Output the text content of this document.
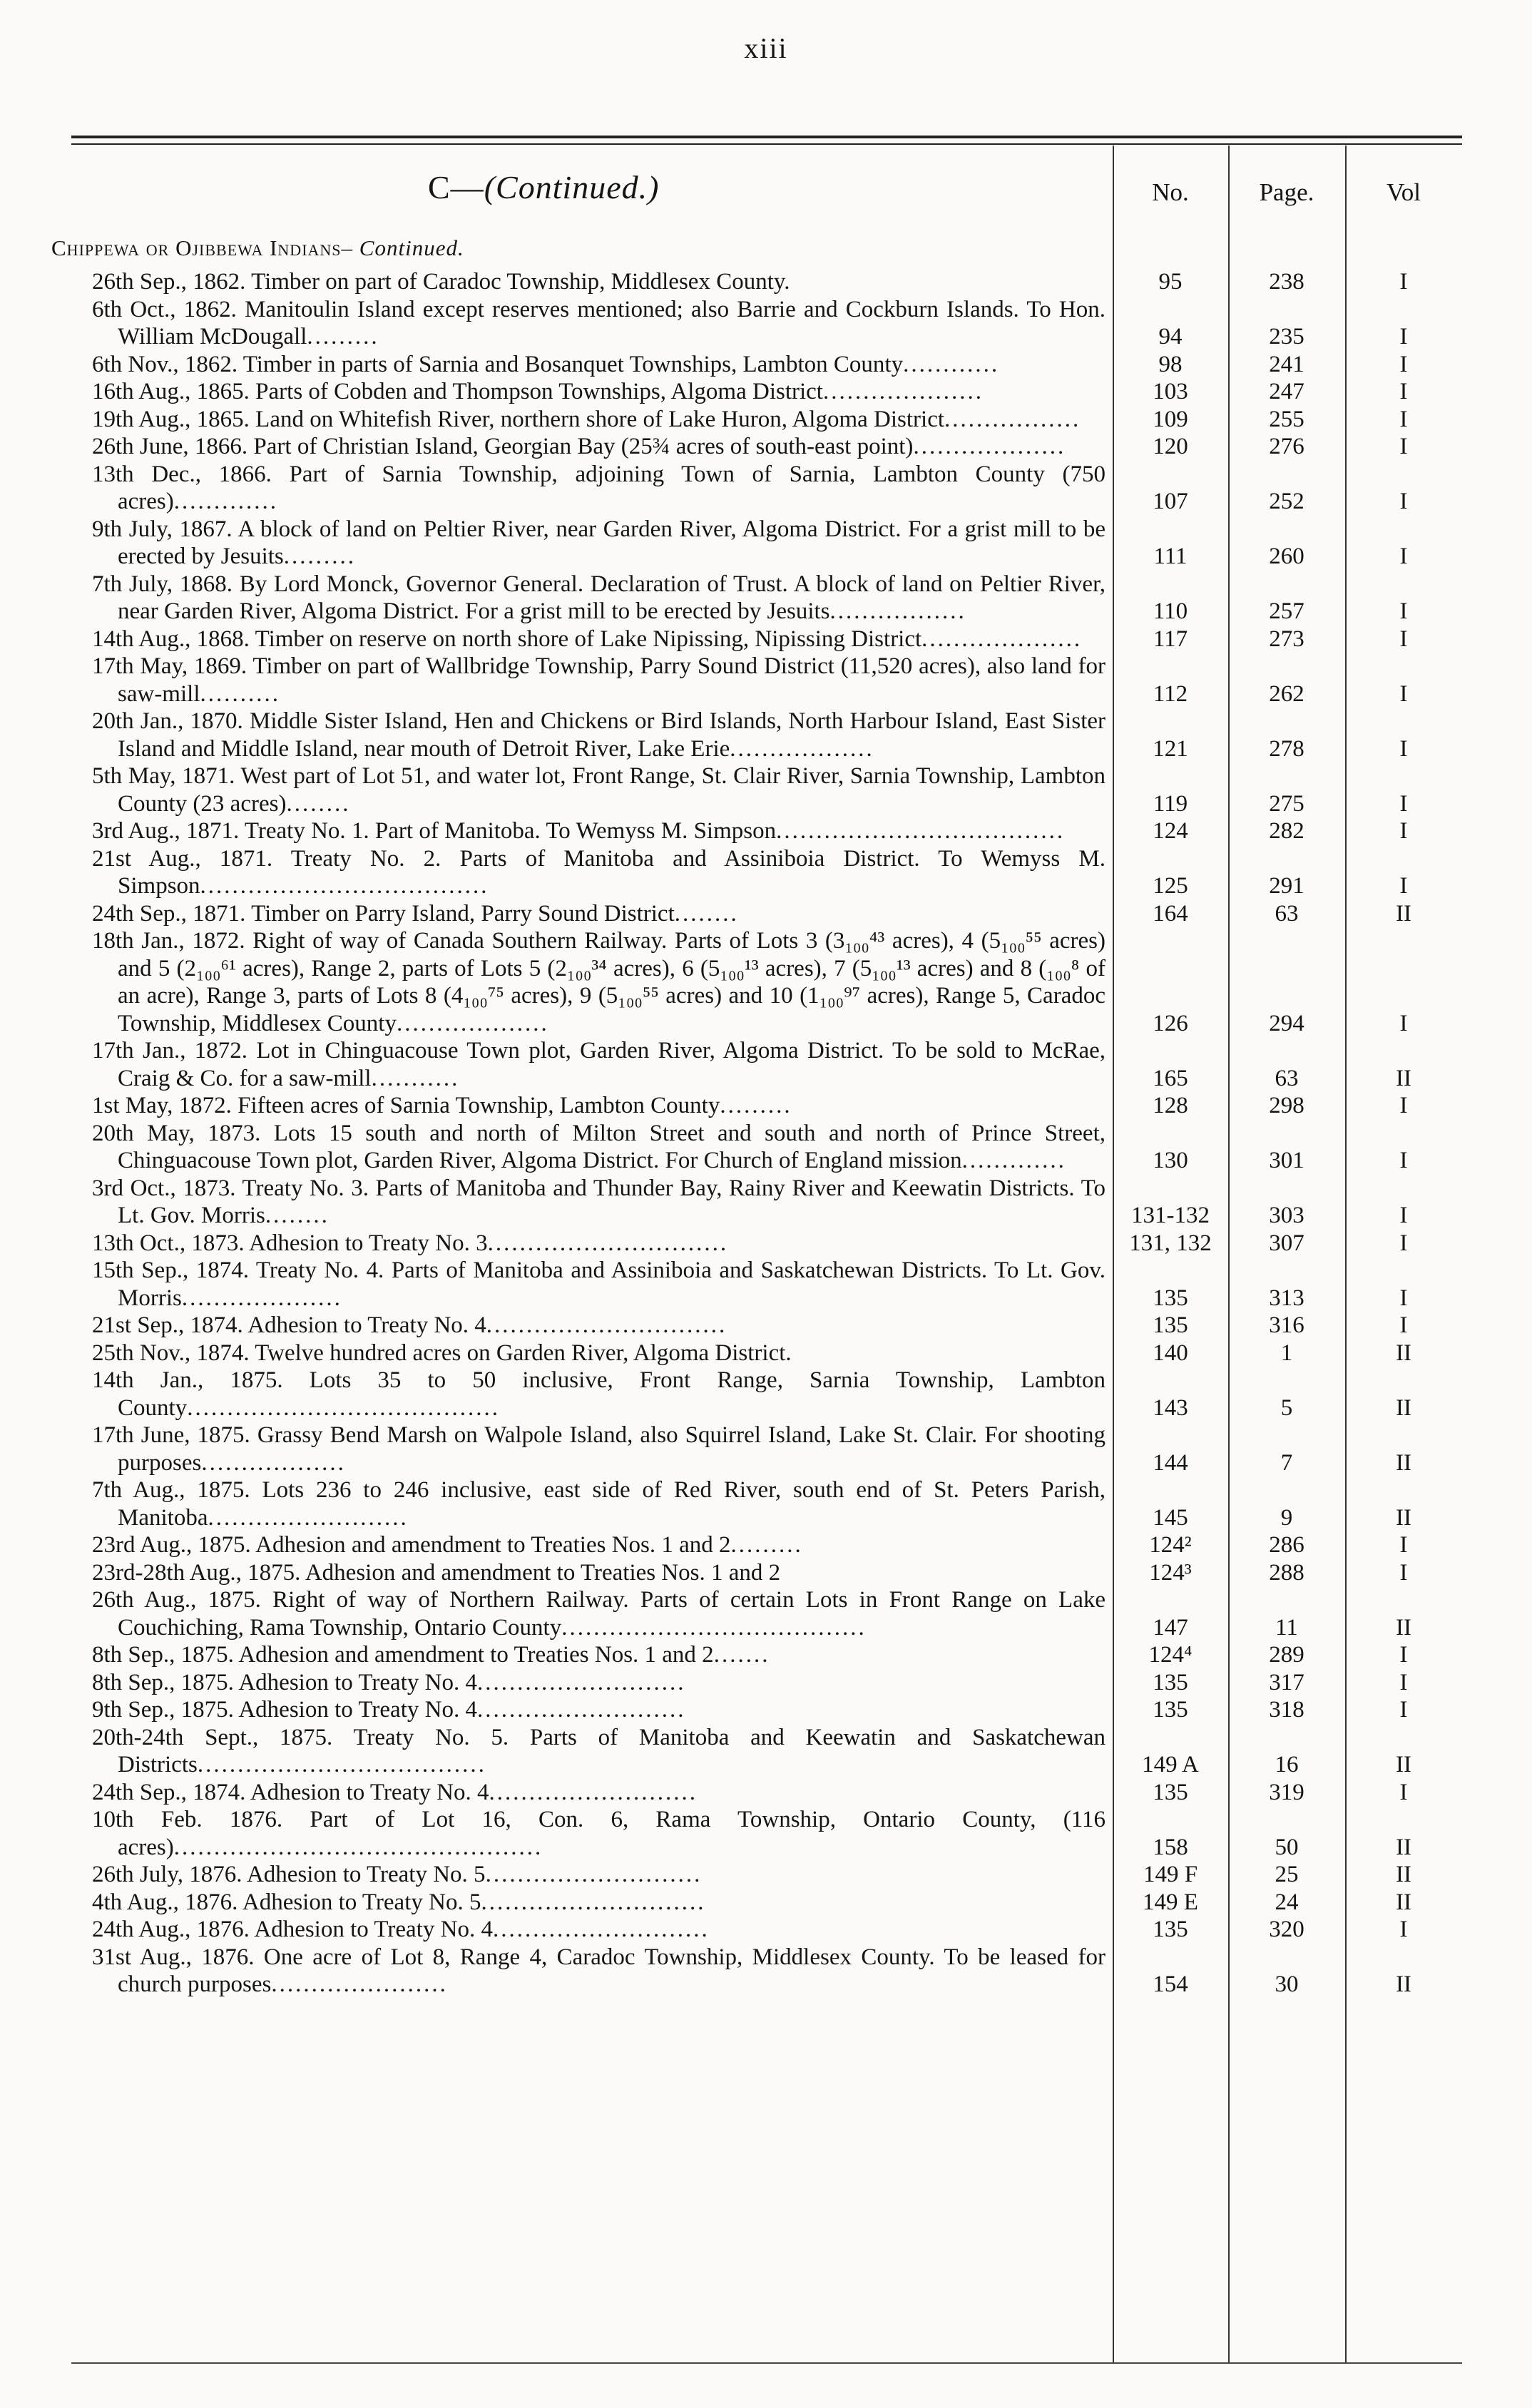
xiii
C—(Continued.)	No.	Page.	Vol
Chippewa or Ojibbewa Indians– Continued.
26th Sep., 1862. Timber on part of Caradoc Township, Middlesex County.	95	238	I
6th Oct., 1862. Manitoulin Island except reserves mentioned; also Barrie and Cockburn Islands. To Hon. William McDougall.........	94	235	I
6th Nov., 1862. Timber in parts of Sarnia and Bosanquet Townships, Lambton County............	98	241	I
16th Aug., 1865. Parts of Cobden and Thompson Townships, Algoma District....................	103	247	I
19th Aug., 1865. Land on Whitefish River, northern shore of Lake Huron, Algoma District.................	109	255	I
26th June, 1866. Part of Christian Island, Georgian Bay (25¾ acres of south-east point)...................	120	276	I
13th Dec., 1866. Part of Sarnia Township, adjoining Town of Sarnia, Lambton County (750 acres).............	107	252	I
9th July, 1867. A block of land on Peltier River, near Garden River, Algoma District. For a grist mill to be erected by Jesuits.........	111	260	I
7th July, 1868. By Lord Monck, Governor General. Declaration of Trust. A block of land on Peltier River, near Garden River, Algoma District. For a grist mill to be erected by Jesuits.................	110	257	I
14th Aug., 1868. Timber on reserve on north shore of Lake Nipissing, Nipissing District....................	117	273	I
17th May, 1869. Timber on part of Wallbridge Township, Parry Sound District (11,520 acres), also land for saw-mill..........	112	262	I
20th Jan., 1870. Middle Sister Island, Hen and Chickens or Bird Islands, North Harbour Island, East Sister Island and Middle Island, near mouth of Detroit River, Lake Erie..................	121	278	I
5th May, 1871. West part of Lot 51, and water lot, Front Range, St. Clair River, Sarnia Township, Lambton County (23 acres)........	119	275	I
3rd Aug., 1871. Treaty No. 1. Part of Manitoba. To Wemyss M. Simpson....................................	124	282	I
21st Aug., 1871. Treaty No. 2. Parts of Manitoba and Assiniboia District. To Wemyss M. Simpson....................................	125	291	I
24th Sep., 1871. Timber on Parry Island, Parry Sound District........	164	63	II
18th Jan., 1872. Right of way of Canada Southern Railway. Parts of Lots 3 (3₁₀₀⁴³ acres), 4 (5₁₀₀⁵⁵ acres) and 5 (2₁₀₀⁶¹ acres), Range 2, parts of Lots 5 (2₁₀₀³⁴ acres), 6 (5₁₀₀¹³ acres), 7 (5₁₀₀¹³ acres) and 8 (₁₀₀⁸ of an acre), Range 3, parts of Lots 8 (4₁₀₀⁷⁵ acres), 9 (5₁₀₀⁵⁵ acres) and 10 (1₁₀₀⁹⁷ acres), Range 5, Caradoc Township, Middlesex County...................	126	294	I
17th Jan., 1872. Lot in Chinguacouse Town plot, Garden River, Algoma District. To be sold to McRae, Craig & Co. for a saw-mill...........	165	63	II
1st May, 1872. Fifteen acres of Sarnia Township, Lambton County.........	128	298	I
20th May, 1873. Lots 15 south and north of Milton Street and south and north of Prince Street, Chinguacouse Town plot, Garden River, Algoma District. For Church of England mission.............	130	301	I
3rd Oct., 1873. Treaty No. 3. Parts of Manitoba and Thunder Bay, Rainy River and Keewatin Districts. To Lt. Gov. Morris........	131-132	303	I
13th Oct., 1873. Adhesion to Treaty No. 3..............................	131, 132	307	I
15th Sep., 1874. Treaty No. 4. Parts of Manitoba and Assiniboia and Saskatchewan Districts. To Lt. Gov. Morris....................	135	313	I
21st Sep., 1874. Adhesion to Treaty No. 4..............................	135	316	I
25th Nov., 1874. Twelve hundred acres on Garden River, Algoma District.	140	1	II
14th Jan., 1875. Lots 35 to 50 inclusive, Front Range, Sarnia Township, Lambton County.......................................	143	5	II
17th June, 1875. Grassy Bend Marsh on Walpole Island, also Squirrel Island, Lake St. Clair. For shooting purposes..................	144	7	II
7th Aug., 1875. Lots 236 to 246 inclusive, east side of Red River, south end of St. Peters Parish, Manitoba.........................	145	9	II
23rd Aug., 1875. Adhesion and amendment to Treaties Nos. 1 and 2.........	124²	286	I
23rd-28th Aug., 1875. Adhesion and amendment to Treaties Nos. 1 and 2	124³	288	I
26th Aug., 1875. Right of way of Northern Railway. Parts of certain Lots in Front Range on Lake Couchiching, Rama Township, Ontario County......................................	147	11	II
8th Sep., 1875. Adhesion and amendment to Treaties Nos. 1 and 2.......	124⁴	289	I
8th Sep., 1875. Adhesion to Treaty No. 4..........................	135	317	I
9th Sep., 1875. Adhesion to Treaty No. 4..........................	135	318	I
20th-24th Sept., 1875. Treaty No. 5. Parts of Manitoba and Keewatin and Saskatchewan Districts....................................	149 A	16	II
24th Sep., 1874. Adhesion to Treaty No. 4..........................	135	319	I
10th Feb. 1876. Part of Lot 16, Con. 6, Rama Township, Ontario County, (116 acres)..............................................	158	50	II
26th July, 1876. Adhesion to Treaty No. 5...........................	149 F	25	II
4th Aug., 1876. Adhesion to Treaty No. 5............................	149 E	24	II
24th Aug., 1876. Adhesion to Treaty No. 4...........................	135	320	I
31st Aug., 1876. One acre of Lot 8, Range 4, Caradoc Township, Middlesex County. To be leased for church purposes......................	154	30	II
